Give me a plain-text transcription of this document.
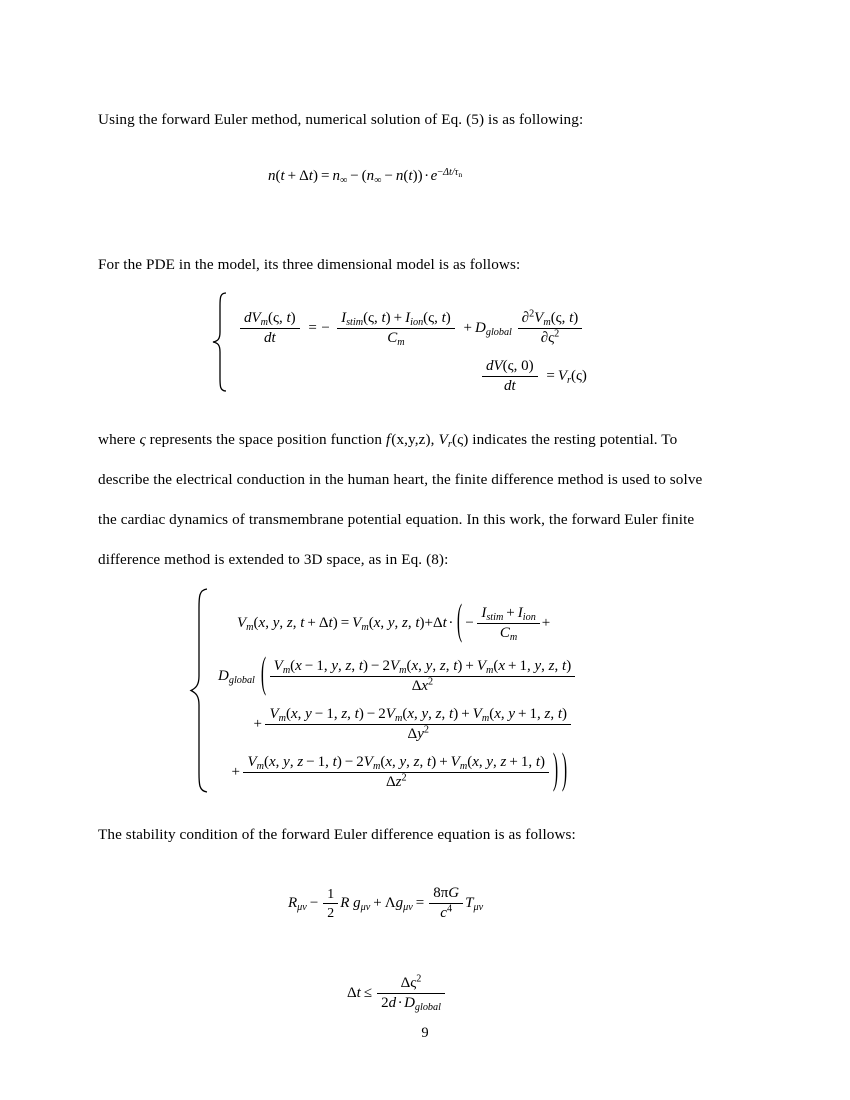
Using the forward Euler method, numerical solution of Eq. (5) is as following:
$n(t + \Delta t) = n_\infty - (n_\infty - n(t)) \cdot e^{-\Delta t/\tau_n}$
For the PDE in the model, its three dimensional model is as follows:
$\frac{dV_m(\varsigma, t)}{dt}$ = − $\frac{I_{stim}(\varsigma, t) + I_{ion}(\varsigma, t)}{C_m} + D_{global} \frac{\partial^2V_m(\varsigma, t)}{\partial\varsigma^2}$
$\frac{dV(\varsigma, 0)}{dt} = V_r(\varsigma)$
where ς represents the space position function f(x,y,z), $V_r(\varsigma)$ indicates the resting potential. To
describe the electrical conduction in the human heart, the finite difference method is used to solve
the cardiac dynamics of transmembrane potential equation. In this work, the forward Euler finite
difference method is extended to 3D space, as in Eq. (8):
$V_m(x$, y, z, $t + \Delta t) = V_m(x$, y, z, t)+Δt · ( − $\frac{I_{stim} + I_{ion}}{C_m}$ +
$D_{global}$ ( $\frac{V_m(x - 1, y, z, t) - 2V_m(x, y, z, t) + V_m(x + 1, y, z, t)}{\Delta x^2}$
+ $\frac{V_m(x, y - 1, z, t) - 2V_m(x, y, z, t) + V_m(x, y + 1, z, t)}{\Delta y^2}$
+ $\frac{V_m(x, y, z - 1, t) - 2V_m(x, y, z, t) + V_m(x, y, z + 1, t)}{\Delta z^2}$ ) )
The stability condition of the forward Euler difference equation is as follows:
$R_{\mu\nu} - \frac{1}{2}$ R $g_{\mu\nu} + \Lambda g_{\mu\nu} = \frac{8\pi G}{c^4} T_{\mu\nu}$
$\Delta t \le \frac{\Delta\varsigma^2}{2d \cdot D_{global}}$
9
